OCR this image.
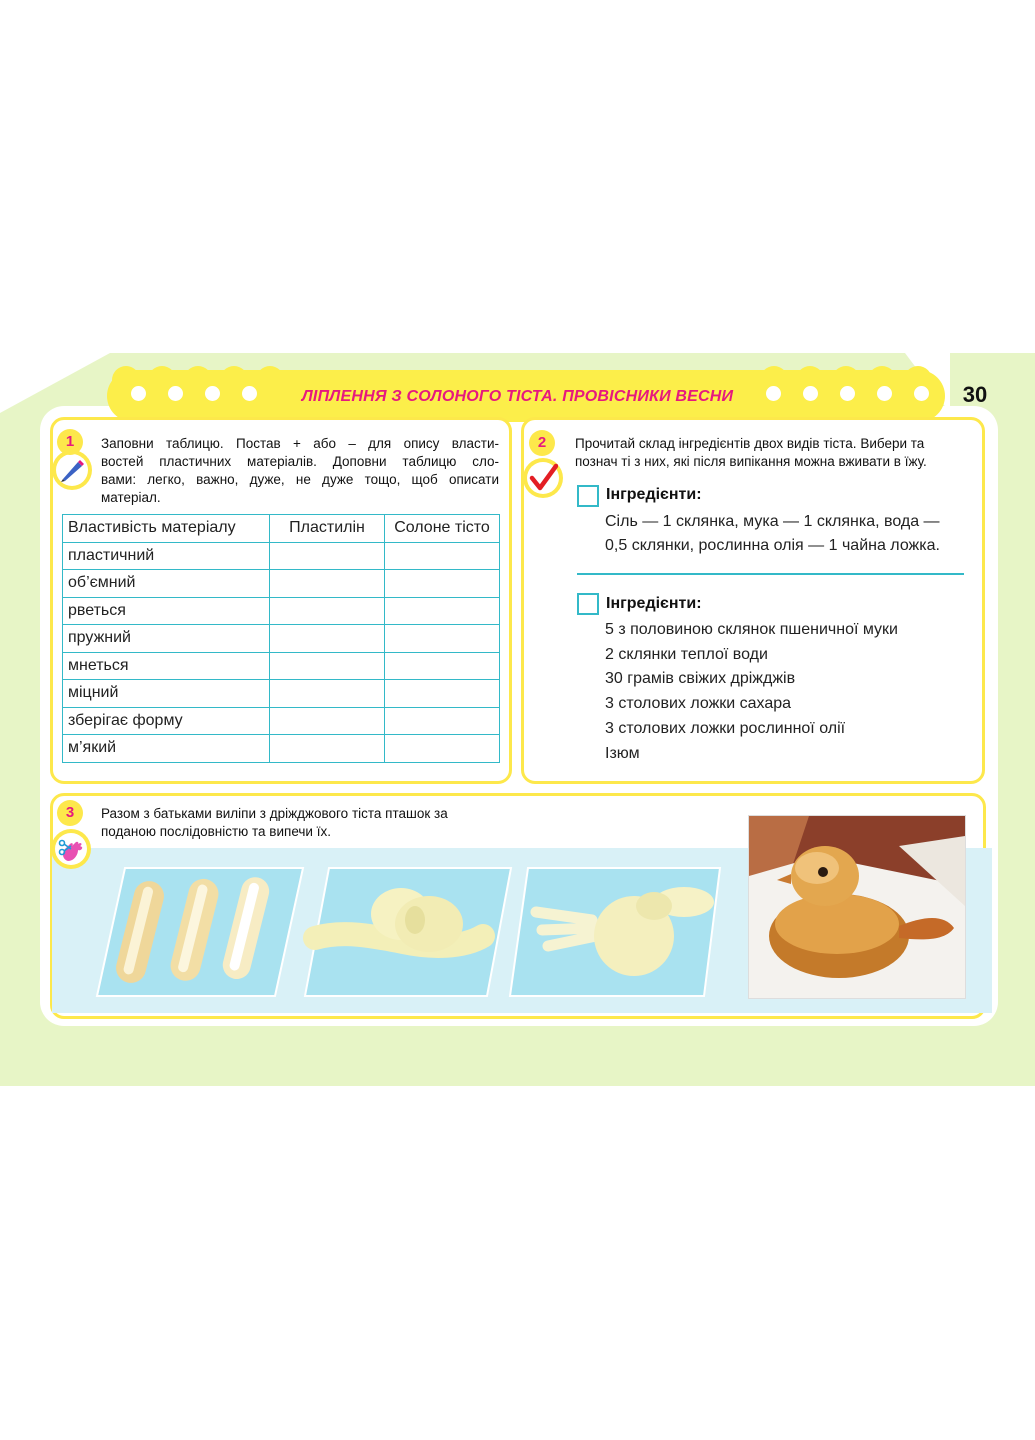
ЛІПЛЕННЯ З СОЛОНОГО ТІСТА. ПРОВІСНИКИ ВЕСНИ	30
1	Заповни таблицю. Постав + або – для опису власти-
востей пластичних матеріалів. Доповни таблицю сло-
вами: легко, важно, дуже, не дуже тощо, щоб описати
матеріал.
Властивість матеріалу	Пластилін	Солоне тісто
пластичний		
об’ємний		
рветься		
пружний		
мнеться		
міцний		
зберігає форму		
м’який		
2	Прочитай склад інгредієнтів двох видів тіста. Вибери та
познач ті з них, які після випікання можна вживати в їжу.
Інгредієнти:
Сіль — 1 склянка, мука — 1 склянка, вода —
0,5 склянки, рослинна олія — 1 чайна ложка.
Інгредієнти:
5 з половиною склянок пшеничної муки
2 склянки теплої води
30 грамів свіжих дріжджів
3 столових ложки сахара
3 столових ложки рослинної олії
Ізюм
3	Разом з батьками виліпи з дріжджового тіста пташок за
поданою послідовністю та випечи їх.
